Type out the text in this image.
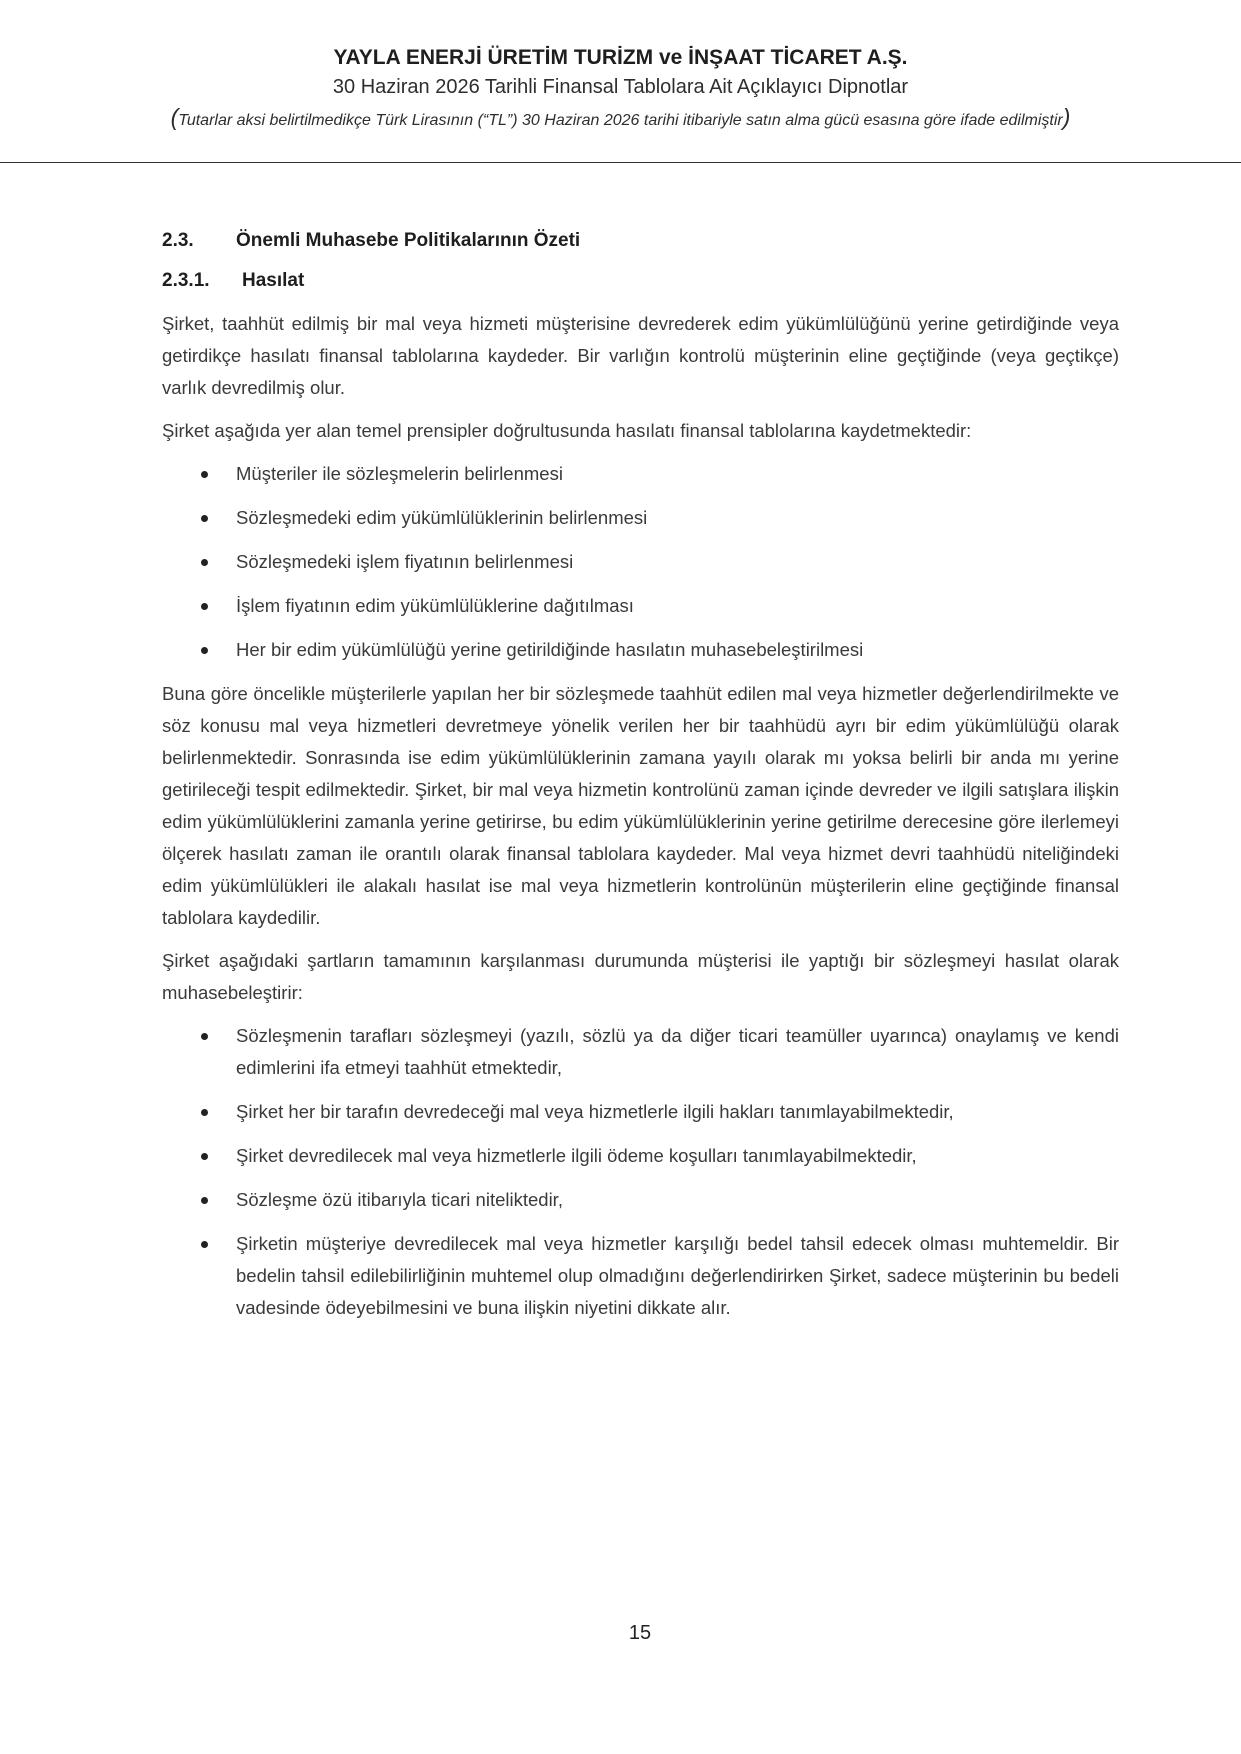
YAYLA ENERJİ ÜRETİM TURİZM ve İNŞAAT TİCARET A.Ş.
30 Haziran 2026 Tarihli Finansal Tablolara Ait Açıklayıcı Dipnotlar
(Tutarlar aksi belirtilmedikçe Türk Lirasının (“TL”) 30 Haziran 2026 tarihi itibariyle satın alma gücü esasına göre ifade edilmiştir)
2.3. Önemli Muhasebe Politikalarının Özeti
2.3.1. Hasılat

Şirket, taahhüt edilmiş bir mal veya hizmeti müşterisine devrederek edim yükümlülüğünü yerine getirdiğinde veya getirdikçe hasılatı finansal tablolarına kaydeder. Bir varlığın kontrolü müşterinin eline geçtiğinde (veya geçtikçe) varlık devredilmiş olur.

Şirket aşağıda yer alan temel prensipler doğrultusunda hasılatı finansal tablolarına kaydetmektedir:

Müşteriler ile sözleşmelerin belirlenmesi
Sözleşmedeki edim yükümlülüklerinin belirlenmesi
Sözleşmedeki işlem fiyatının belirlenmesi
İşlem fiyatının edim yükümlülüklerine dağıtılması
Her bir edim yükümlülüğü yerine getirildiğinde hasılatın muhasebeleştirilmesi

Buna göre öncelikle müşterilerle yapılan her bir sözleşmede taahhüt edilen mal veya hizmetler değerlendirilmekte ve söz konusu mal veya hizmetleri devretmeye yönelik verilen her bir taahhüdü ayrı bir edim yükümlülüğü olarak belirlenmektedir. Sonrasında ise edim yükümlülüklerinin zamana yayılı olarak mı yoksa belirli bir anda mı yerine getirileceği tespit edilmektedir. Şirket, bir mal veya hizmetin kontrolünü zaman içinde devreder ve ilgili satışlara ilişkin edim yükümlülüklerini zamanla yerine getirirse, bu edim yükümlülüklerinin yerine getirilme derecesine göre ilerlemeyi ölçerek hasılatı zaman ile orantılı olarak finansal tablolara kaydeder. Mal veya hizmet devri taahhüdü niteliğindeki edim yükümlülükleri ile alakalı hasılat ise mal veya hizmetlerin kontrolünün müşterilerin eline geçtiğinde finansal tablolara kaydedilir.

Şirket aşağıdaki şartların tamamının karşılanması durumunda müşterisi ile yaptığı bir sözleşmeyi hasılat olarak muhasebeleştirir:

Sözleşmenin tarafları sözleşmeyi (yazılı, sözlü ya da diğer ticari teamüller uyarınca) onaylamış ve kendi edimlerini ifa etmeyi taahhüt etmektedir,
Şirket her bir tarafın devredeceği mal veya hizmetlerle ilgili hakları tanımlayabilmektedir,
Şirket devredilecek mal veya hizmetlerle ilgili ödeme koşulları tanımlayabilmektedir,
Sözleşme özü itibarıyla ticari niteliktedir,
Şirketin müşteriye devredilecek mal veya hizmetler karşılığı bedel tahsil edecek olması muhtemeldir. Bir bedelin tahsil edilebilirliğinin muhtemel olup olmadığını değerlendirirken Şirket, sadece müşterinin bu bedeli vadesinde ödeyebilmesini ve buna ilişkin niyetini dikkate alır.
15
